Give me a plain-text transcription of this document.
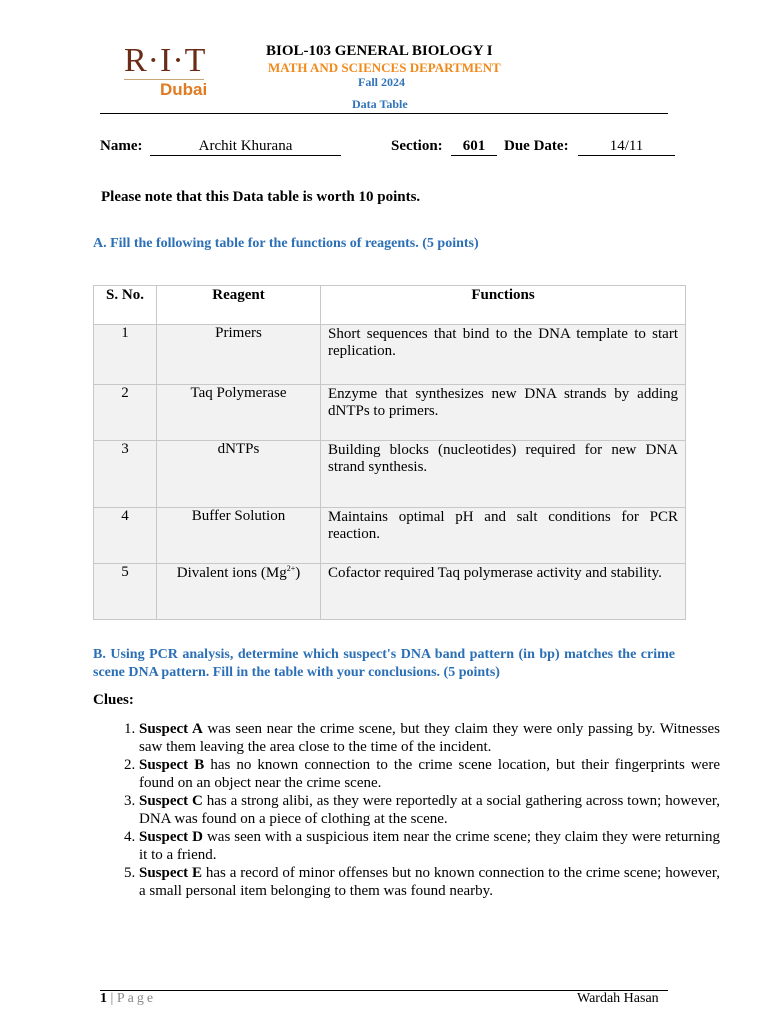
R·I·T
Dubai
BIOL-103 GENERAL BIOLOGY I
MATH AND SCIENCES DEPARTMENT
Fall 2024
Data Table
Name:	Archit Khurana	Section:	601	Due Date:	14/11
Please note that this Data table is worth 10 points.
A. Fill the following table for the functions of reagents. (5 points)
S. No.	Reagent	Functions
1	Primers	Short sequences that bind to the DNA template to start replication.
2	Taq Polymerase	Enzyme that synthesizes new DNA strands by adding dNTPs to primers.
3	dNTPs	Building blocks (nucleotides) required for new DNA strand synthesis.
4	Buffer Solution	Maintains optimal pH and salt conditions for PCR reaction.
5	Divalent ions $(Mg^{2+})$	Cofactor required Taq polymerase activity and stability.
B. Using PCR analysis, determine which suspect's DNA band pattern (in bp) matches the crime scene DNA pattern. Fill in the table with your conclusions. (5 points)
Clues:
1. Suspect A was seen near the crime scene, but they claim they were only passing by. Witnesses saw them leaving the area close to the time of the incident.
2. Suspect B has no known connection to the crime scene location, but their fingerprints were found on an object near the crime scene.
3. Suspect C has a strong alibi, as they were reportedly at a social gathering across town; however, DNA was found on a piece of clothing at the scene.
4. Suspect D was seen with a suspicious item near the crime scene; they claim they were returning it to a friend.
5. Suspect E has a record of minor offenses but no known connection to the crime scene; however, a small personal item belonging to them was found nearby.
1 | Page	Wardah Hasan
